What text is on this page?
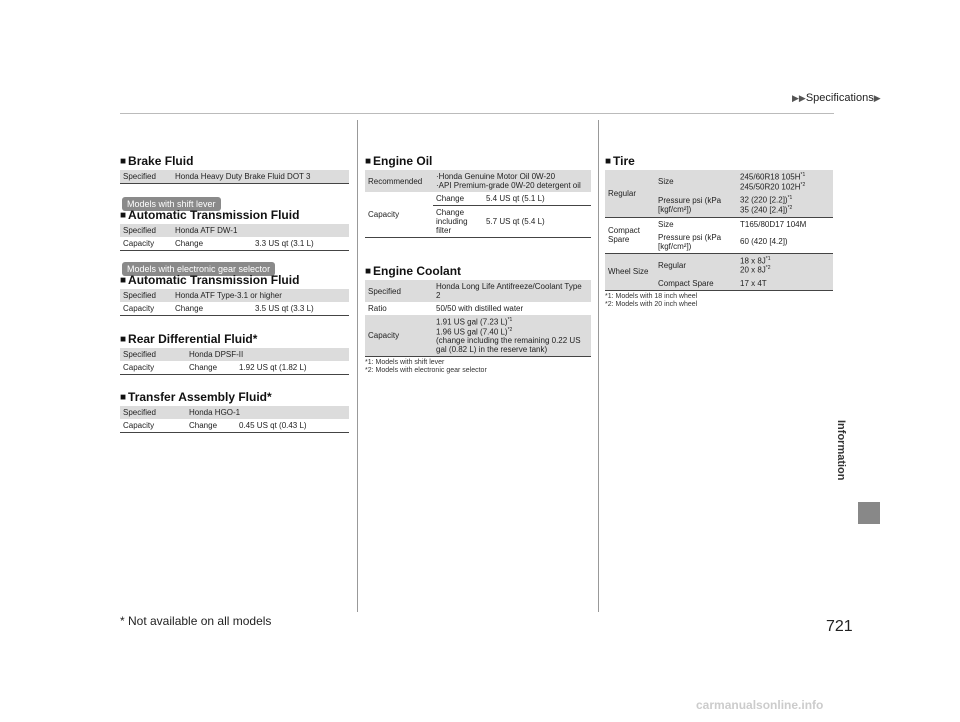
▶▶Specifications▶
Information
■ Brake Fluid
Specified	Honda Heavy Duty Brake Fluid DOT 3
Models with shift lever
■ Automatic Transmission Fluid
Specified	Honda ATF DW-1	
Capacity	Change	3.3 US qt (3.1 L)
Models with electronic gear selector
■ Automatic Transmission Fluid
Specified	Honda ATF Type-3.1 or higher	
Capacity	Change	3.5 US qt (3.3 L)
■ Rear Differential Fluid *
Specified	Honda DPSF-II	
Capacity	Change	1.92 US qt (1.82 L)
■ Transfer Assembly Fluid *
Specified	Honda HGO-1	
Capacity	Change	0.45 US qt (0.43 L)
■ Engine Oil
Recommended	·Honda Genuine Motor Oil 0W-20
·API Premium-grade 0W-20 detergent oil	

Capacity	Change	5.4 US qt (5.1 L)
	Change including filter	5.7 US qt (5.4 L)
■ Engine Coolant
Specified	Honda Long Life Antifreeze/Coolant Type 2
Ratio	50/50 with distilled water
Capacity	1.91 US gal (7.23 L)$^{*1}$
1.96 US gal (7.40 L)$^{*2}$
(change including the remaining 0.22 US gal (0.82 L) in the reserve tank)
*1: Models with shift lever
*2: Models with electronic gear selector
■ Tire
Regular	Size	245/60R18 $105H^{*1}$
245/50R20 $102H^{*2}$

	Pressure psi (kPa [kgf/cm²])	32 (220 [2.2])$^{*1}$
35 (240 [2.4])$^{*2}$

Compact Spare	Size	T165/80D17 104M
	Pressure psi (kPa [kgf/cm²])	60 (420 [4.2])
Wheel Size	Regular	18 x $8J^{*1}$
20 x $8J^{*2}$

	Compact Spare	17 x 4T
*1: Models with 18 inch wheel
*2: Models with 20 inch wheel
* Not available on all models	721
carmanualsonline.info
